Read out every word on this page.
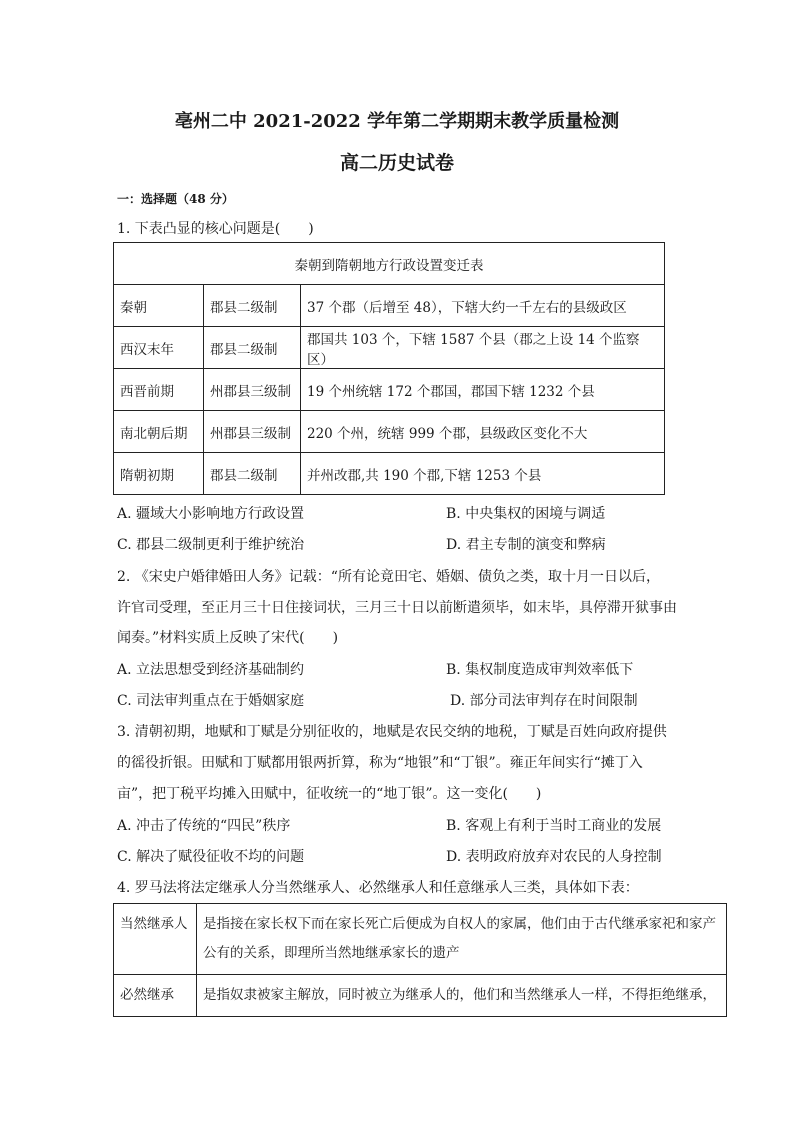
亳州二中 2021-2022 学年第二学期期末教学质量检测
高二历史试卷
一：选择题（48 分）
1. 下表凸显的核心问题是(　　)
秦朝到隋朝地方行政设置变迁表		
秦朝	郡县二级制	37 个郡（后增至 48），下辖大约一千左右的县级政区
西汉末年	郡县二级制	郡国共 103 个，下辖 1587 个县（郡之上设 14 个监察区）
西晋前期	州郡县三级制	19 个州统辖 172 个郡国，郡国下辖 1232 个县
南北朝后期	州郡县三级制	220 个州，统辖 999 个郡，县级政区变化不大
隋朝初期	郡县二级制	并州改郡,共 190 个郡,下辖 1253 个县
A. 疆域大小影响地方行政设置	B. 中央集权的困境与调适
C. 郡县二级制更利于维护统治	D. 君主专制的演变和弊病
2. 《宋史户婚律婚田人务》记载：“所有论竟田宅、婚姻、债负之类，取十月一日以后，
许官司受理，至正月三十日住接词状，三月三十日以前断遣须毕，如末毕，具停滞开狱事由
闻奏。”材料实质上反映了宋代(　　)
A. 立法思想受到经济基础制约	B. 集权制度造成审判效率低下
C. 司法审判重点在于婚姻家庭	D. 部分司法审判存在时间限制
3. 清朝初期，地赋和丁赋是分别征收的，地赋是农民交纳的地税，丁赋是百姓向政府提供
的徭役折银。田赋和丁赋都用银两折算，称为“地银”和“丁银”。雍正年间实行“摊丁入
亩”，把丁税平均摊入田赋中，征收统一的“地丁银”。这一变化(　　)
A. 冲击了传统的“四民”秩序	B. 客观上有利于当时工商业的发展
C. 解决了赋役征收不均的问题	D. 表明政府放弃对农民的人身控制
4. 罗马法将法定继承人分当然继承人、必然继承人和任意继承人三类，具体如下表：
当然继承人	是指接在家长权下而在家长死亡后便成为自权人的家属，他们由于古代继承家祀和家产公有的关系，即理所当然地继承家长的遗产
必然继承	是指奴隶被家主解放，同时被立为继承人的，他们和当然继承人一样，不得拒绝继承，
